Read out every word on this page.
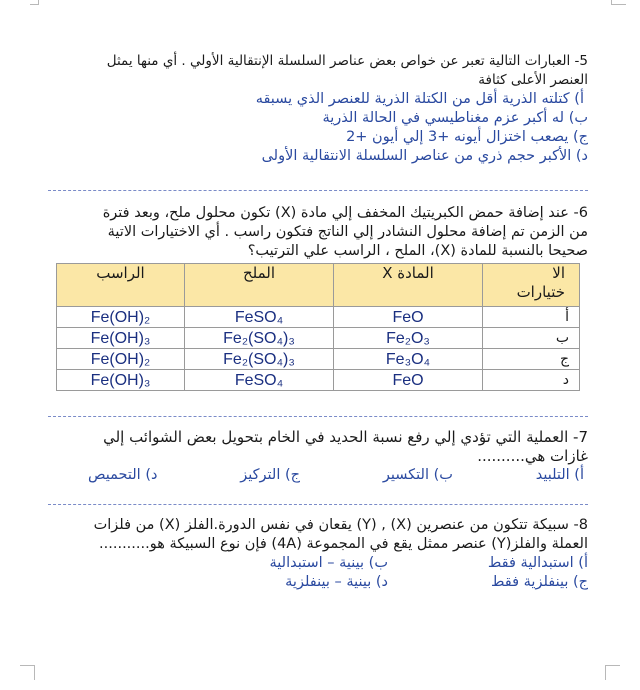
5- العبارات التالية تعبر عن خواص بعض عناصر السلسلة الإنتقالية الأولي . أي منها يمثل
العنصر الأعلى كثافة
أ) كتلته الذرية أقل من الكتلة الذرية للعنصر الذي يسبقه
ب) له أكبر عزم مغناطيسي في الحالة الذرية
ج) يصعب اختزال أيونه +3 إلي أيون +2
د) الأكبر حجم ذري من عناصر السلسلة الانتقالية الأولى
6- عند إضافة حمض الكبريتيك المخفف إلي مادة (X) تكون محلول ملح، وبعد فترة
من الزمن تم إضافة محلول النشادر إلي الناتج فتكون راسب . أي الاختيارات الاتية
صحيحا بالنسبة للمادة (X)، الملح ، الراسب علي الترتيب؟
الا
ختيارات	المادة X	الملح	الراسب
أ	FeO	FeSO₄	Fe(OH)₂
ب	Fe₂O₃	Fe₂(SO₄)₃	Fe(OH)₃
ج	Fe₃O₄	Fe₂(SO₄)₃	Fe(OH)₂
د	FeO	FeSO₄	Fe(OH)₃
7- العملية التي تؤدي إلي رفع نسبة الحديد في الخام بتحويل بعض الشوائب إلي
غازات هي..........
أ) التلبيد
ب) التكسير
ج) التركيز
د) التحميص
8- سبيكة تتكون من عنصرين (X) , (Y) يقعان في نفس الدورة.الفلز (X) من فلزات
العملة والفلز(Y) عنصر ممثل يقع في المجموعة (4A) فإن نوع السبيكة هو...........
أ) استبدالية فقط
ب) بينية – استبدالية
ج) بينفلزية فقط
د) بينية – بينفلزية
